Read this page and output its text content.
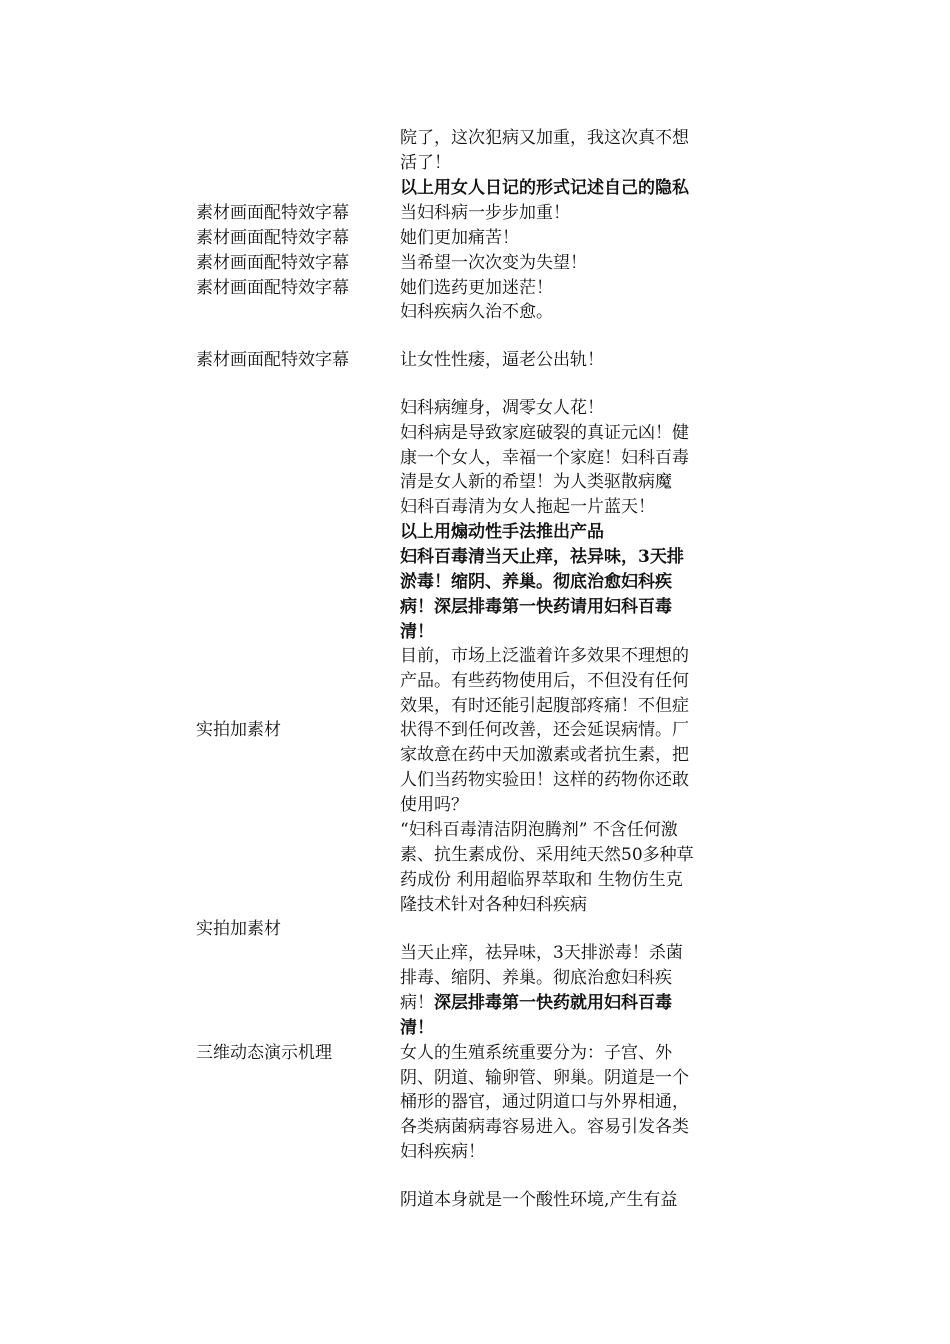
素材画面配特效字幕
素材画面配特效字幕
素材画面配特效字幕
素材画面配特效字幕
素材画面配特效字幕
实拍加素材
实拍加素材
三维动态演示机理
院了，这次犯病又加重，我这次真不想
活了！
以上用女人日记的形式记述自己的隐私
当妇科病一步步加重！
她们更加痛苦！
当希望一次次变为失望！
她们选药更加迷茫！
妇科疾病久治不愈。
让女性性痿，逼老公出轨！
妇科病缠身，凋零女人花！
妇科病是导致家庭破裂的真证元凶！健
康一个女人，幸福一个家庭！妇科百毒
清是女人新的希望！为人类驱散病魔
妇科百毒清为女人拖起一片蓝天！
以上用煽动性手法推出产品
妇科百毒清当天止痒，祛异味，3天排
淤毒！缩阴、养巢。彻底治愈妇科疾
病！深层排毒第一快药请用妇科百毒
清！
目前，市场上泛滥着许多效果不理想的
产品。有些药物使用后，不但没有任何
效果，有时还能引起腹部疼痛！不但症
状得不到任何改善，还会延误病情。厂
家故意在药中天加激素或者抗生素，把
人们当药物实验田！这样的药物你还敢
使用吗？
“妇科百毒清洁阴泡腾剂” 不含任何激
素、抗生素成份、采用纯天然50多种草
药成份 利用超临界萃取和 生物仿生克
隆技术针对各种妇科疾病
当天止痒，祛异味，3天排淤毒！杀菌
排毒、缩阴、养巢。彻底治愈妇科疾
病！深层排毒第一快药就用妇科百毒
清！
女人的生殖系统重要分为：子宫、外
阴、阴道、输卵管、卵巢。阴道是一个
桶形的器官，通过阴道口与外界相通，
各类病菌病毒容易进入。容易引发各类
妇科疾病！
阴道本身就是一个酸性环境,产生有益
